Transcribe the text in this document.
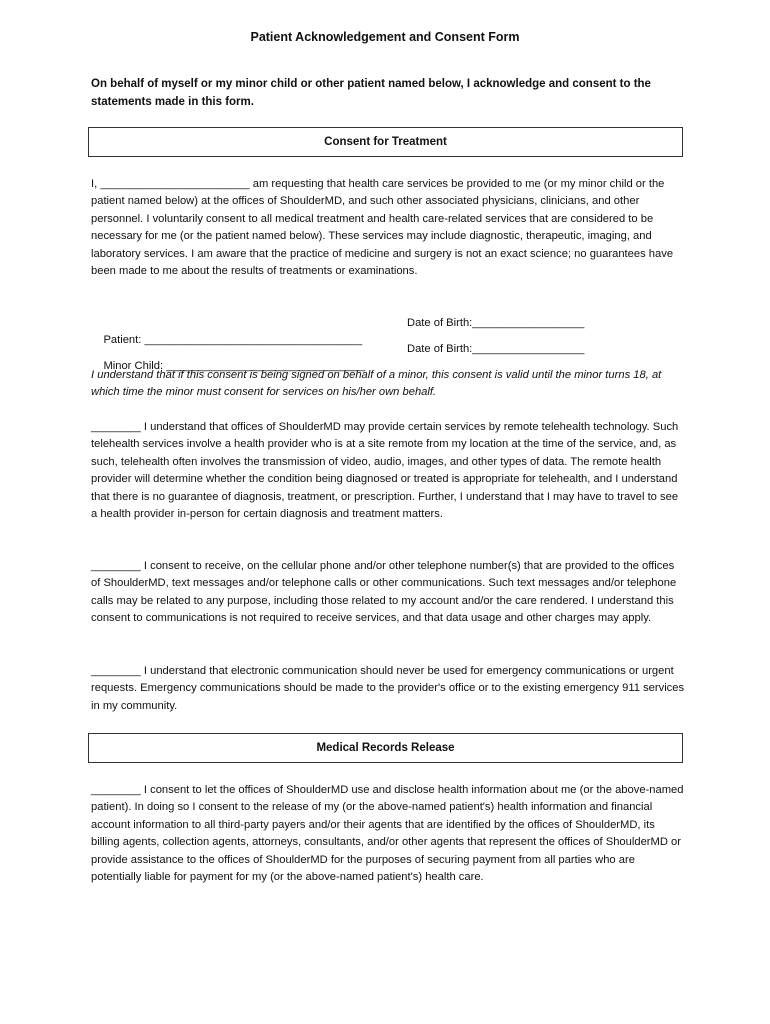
Patient Acknowledgement and Consent Form
On behalf of myself or my minor child or other patient named below, I acknowledge and consent to the statements made in this form.
Consent for Treatment
I, ________________________ am requesting that health care services be provided to me (or my minor child or the patient named below) at the offices of ShoulderMD, and such other associated physicians, clinicians, and other personnel. I voluntarily consent to all medical treatment and health care-related services that are considered to be necessary for me (or the patient named below). These services may include diagnostic, therapeutic, imaging, and laboratory services. I am aware that the practice of medicine and surgery is not an exact science; no guarantees have been made to me about the results of treatments or examinations.

Patient: ___________________________________

Date of Birth:__________________

Minor Child: ________________________________

Date of Birth:__________________

I understand that if this consent is being signed on behalf of a minor, this consent is valid until the minor turns 18, at which time the minor must consent for services on his/her own behalf.
________ I understand that offices of ShoulderMD may provide certain services by remote telehealth technology. Such telehealth services involve a health provider who is at a site remote from my location at the time of the service, and, as such, telehealth often involves the transmission of video, audio, images, and other types of data. The remote health provider will determine whether the condition being diagnosed or treated is appropriate for telehealth, and I understand that there is no guarantee of diagnosis, treatment, or prescription. Further, I understand that I may have to travel to see a health provider in-person for certain diagnosis and treatment matters.
________ I consent to receive, on the cellular phone and/or other telephone number(s) that are provided to the offices of ShoulderMD, text messages and/or telephone calls or other communications. Such text messages and/or telephone calls may be related to any purpose, including those related to my account and/or the care rendered. I understand this consent to communications is not required to receive services, and that data usage and other charges may apply.
________ I understand that electronic communication should never be used for emergency communications or urgent requests. Emergency communications should be made to the provider's office or to the existing emergency 911 services in my community.
Medical Records Release
________ I consent to let the offices of ShoulderMD use and disclose health information about me (or the above-named patient). In doing so I consent to the release of my (or the above-named patient's) health information and financial account information to all third-party payers and/or their agents that are identified by the offices of ShoulderMD, its billing agents, collection agents, attorneys, consultants, and/or other agents that represent the offices of ShoulderMD or provide assistance to the offices of ShoulderMD for the purposes of securing payment from all parties who are potentially liable for payment for my (or the above-named patient's) health care.
